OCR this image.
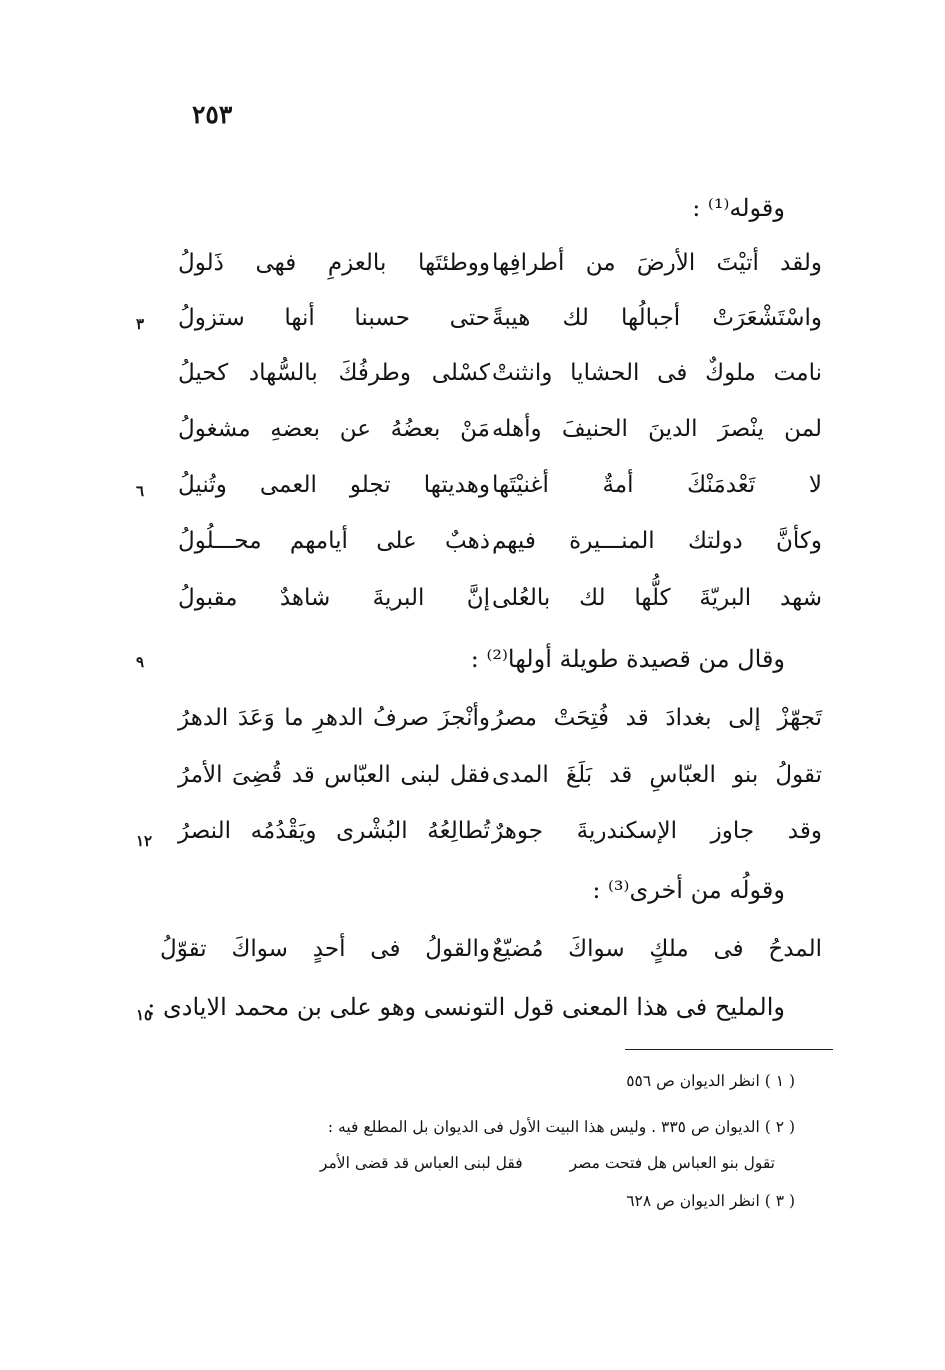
٢٥٣
وقوله⁽¹⁾ :
ولقد أتيْتَ الأرضَ من أطرافِها
ووطئتَها بالعزمِ فهى ذَلولُ
واسْتَشْعَرَتْ أجبالُها لك هيبةً
حتى حسبنا أنها ستزولُ
٣
نامت ملوكٌ فى الحشايا وانثنتْ
كسْلى وطرفُكَ بالسُّهاد كحيلُ
لمن ينْصرَ الدينَ الحنيفَ وأهله
مَنْ بعضُهُ عن بعضهِ مشغولُ
لا تَعْدمَنْكَ أمةٌ أغنيْتَها
وهديتها تجلو العمى وتُنيلُ
٦
وكأنَّ دولتك المنـــيرة فيهم
ذهبٌ على أيامهم محـــلُولُ
شهد البريّةَ كلُّها لك بالعُلى
إنَّ البريةَ شاهدٌ مقبولُ
وقال من قصيدة طويلة أولها⁽²⁾ :
٩
تَجهّزْ إلى بغدادَ قد فُتِحَتْ مصرُ
وأنْجزَ صرفُ الدهرِ ما وَعَدَ الدهرُ
تقولُ بنو العبّاسِ قد بَلَغَ المدى
فقل لبنى العبّاس قد قُضِىَ الأمرُ
وقد جاوز الإسكندريةَ جوهرٌ
تُطالِعُهُ البُشْرى ويَقْدُمُه النصرُ
١٢
وقولُه من أخرى⁽³⁾ :
المدحُ فى ملكٍ سواكَ مُضيّعٌ
والقولُ فى أحدٍ سواكَ تقوّلُ
والمليح فى هذا المعنى قول التونسى وهو على بن محمد الايادى :
١٥
( ١ ) انظر الديوان ص ٥٥٦
( ٢ ) الديوان ص ٣٣٥ . وليس هذا البيت الأول فى الديوان بل المطلع فيه :
تقول بنو العباس هل فتحت مصر فقل لبنى العباس قد قضى الأمر
( ٣ ) انظر الديوان ص ٦٢٨
